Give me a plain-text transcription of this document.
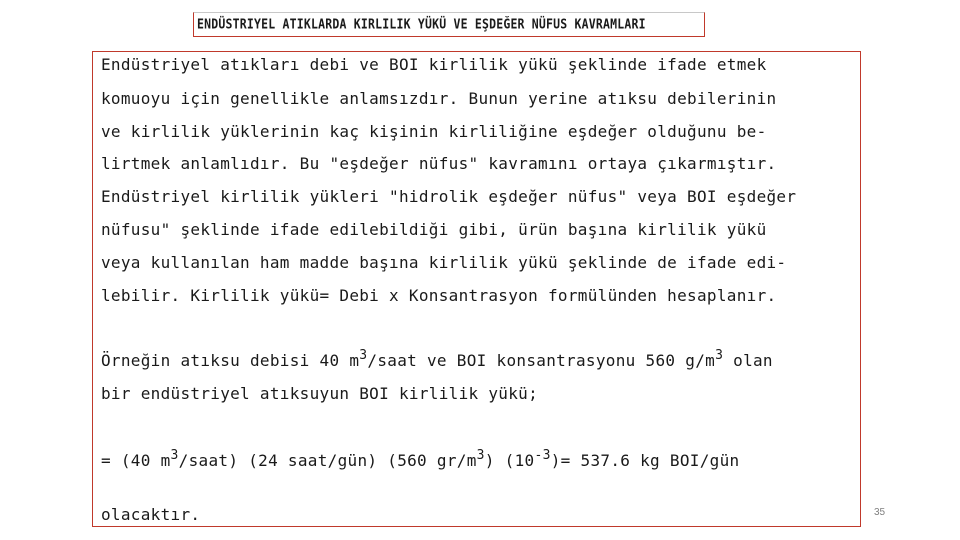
ENDÜSTRIYEL ATIKLARDA KIRLILIK YÜKÜ VE EŞDEĞER NÜFUS KAVRAMLARI
Endüstriyel atıkları debi ve BOI kirlilik yükü şeklinde ifade etmek
komuoyu için genellikle anlamsızdır. Bunun yerine atıksu debilerinin
ve kirlilik yüklerinin kaç kişinin kirliliğine eşdeğer olduğunu be-
lirtmek anlamlıdır. Bu "eşdeğer nüfus" kavramını ortaya çıkarmıştır.
Endüstriyel kirlilik yükleri "hidrolik eşdeğer nüfus" veya BOI eşdeğer
nüfusu" şeklinde ifade edilebildiği gibi, ürün başına kirlilik yükü
veya kullanılan ham madde başına kirlilik yükü şeklinde de ifade edi-
lebilir. Kirlilik yükü= Debi x Konsantrasyon formülünden hesaplanır.
Örneğin atıksu debisi 40 $m^3$/saat ve BOI konsantrasyonu 560 $g/m^3$ olan
bir endüstriyel atıksuyun BOI kirlilik yükü;
= (40 $m^3/saat$) (24 saat/gün) (560 $gr/m^3$) $(10^{-3})= 537.6$ kg BOI/gün
olacaktır.	35
